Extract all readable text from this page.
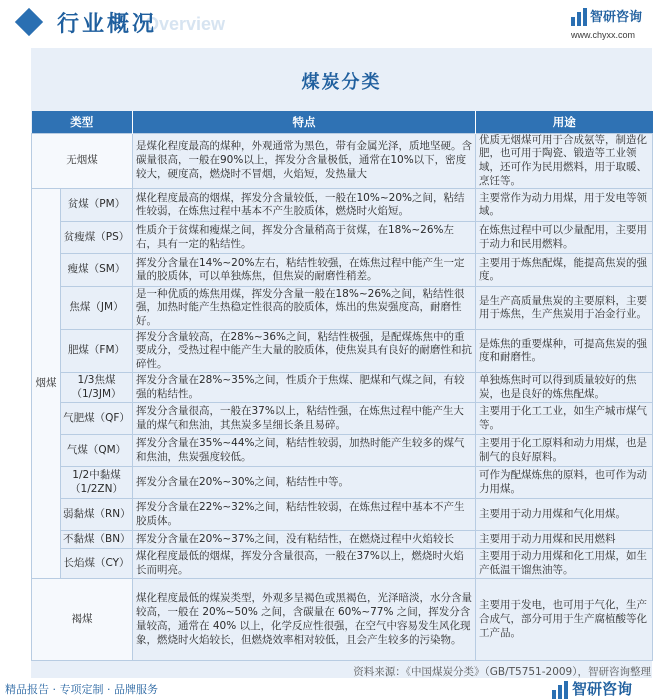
Overview
行业概况	智研咨询
www.chyxx.com
煤炭分类
类型		特点	用途
无烟煤		是煤化程度最高的煤种，外观通常为黑色，带有金属光泽，质地坚硬。含碳量很高，一般在90%以上，挥发分含量极低，通常在10%以下，密度较大，硬度高，燃烧时不冒烟，火焰短，发热量大	优质无烟煤可用于合成氨等，制造化肥，也可用于陶瓷、锻造等工业领域，还可作为民用燃料，用于取暖、烹饪等。
烟煤	贫煤（PM）	煤化程度最高的烟煤，挥发分含量较低，一般在10%~20%之间，粘结性较弱，在炼焦过程中基本不产生胶质体，燃烧时火焰短。	主要常作为动力用煤，用于发电等领域。
	贫瘦煤（PS）	性质介于贫煤和瘦煤之间，挥发分含量稍高于贫煤，在18%~26%左右，具有一定的粘结性。	在炼焦过程中可以少量配用，主要用于动力和民用燃料。
	瘦煤（SM）	挥发分含量在14%~20%左右，粘结性较强，在炼焦过程中能产生一定量的胶质体，可以单独炼焦，但焦炭的耐磨性稍差。	主要用于炼焦配煤，能提高焦炭的强度。
	焦煤（JM）	是一种优质的炼焦用煤，挥发分含量一般在18%~26%之间，粘结性很强，加热时能产生热稳定性很高的胶质体，炼出的焦炭强度高，耐磨性好。	是生产高质量焦炭的主要原料，主要用于炼焦，生产焦炭用于冶金行业。
	肥煤（FM）	挥发分含量较高，在28%~36%之间，粘结性极强，是配煤炼焦中的重要成分，受热过程中能产生大量的胶质体，使焦炭具有良好的耐磨性和抗碎性。	是炼焦的重要煤种，可提高焦炭的强度和耐磨性。
	1/3焦煤（1/3JM）	挥发分含量在28%~35%之间，性质介于焦煤、肥煤和气煤之间，有较强的粘结性。	单独炼焦时可以得到质量较好的焦炭，也是良好的炼焦配煤。
	气肥煤（QF）	挥发分含量很高，一般在37%以上，粘结性强，在炼焦过程中能产生大量的煤气和焦油，其焦炭多呈细长条且易碎。	主要用于化工工业，如生产城市煤气等。
	气煤（QM）	挥发分含量在35%~44%之间，粘结性较弱，加热时能产生较多的煤气和焦油，焦炭强度较低。	主要用于化工原料和动力用煤，也是制气的良好原料。
	1/2中黏煤（1/2ZN）	挥发分含量在20%~30%之间，粘结性中等。	可作为配煤炼焦的原料，也可作为动力用煤。
	弱黏煤（RN）	挥发分含量在22%~32%之间，粘结性较弱，在炼焦过程中基本不产生胶质体。	主要用于动力用煤和气化用煤。
	不黏煤（BN）	挥发分含量在20%~37%之间，没有粘结性，在燃烧过程中火焰较长	主要用于动力用煤和民用燃料
	长焰煤（CY）	煤化程度最低的烟煤，挥发分含量很高，一般在37%以上，燃烧时火焰长而明亮。	主要用于动力用煤和化工用煤，如生产低温干馏焦油等。
褐煤		煤化程度最低的煤炭类型，外观多呈褐色或黑褐色，光泽暗淡，水分含量较高，一般在 20%~50% 之间，含碳量在 60%~77% 之间，挥发分含量较高，通常在 40% 以上，化学反应性很强，在空气中容易发生风化现象，燃烧时火焰较长，但燃烧效率相对较低，且会产生较多的污染物。	主要用于发电，也可用于气化，生产合成气，部分可用于生产腐植酸等化工产品。
资料来源：《中国煤炭分类》（GB/T5751-2009），智研咨询整理
精品报告 · 专项定制 · 品牌服务	智研咨询
